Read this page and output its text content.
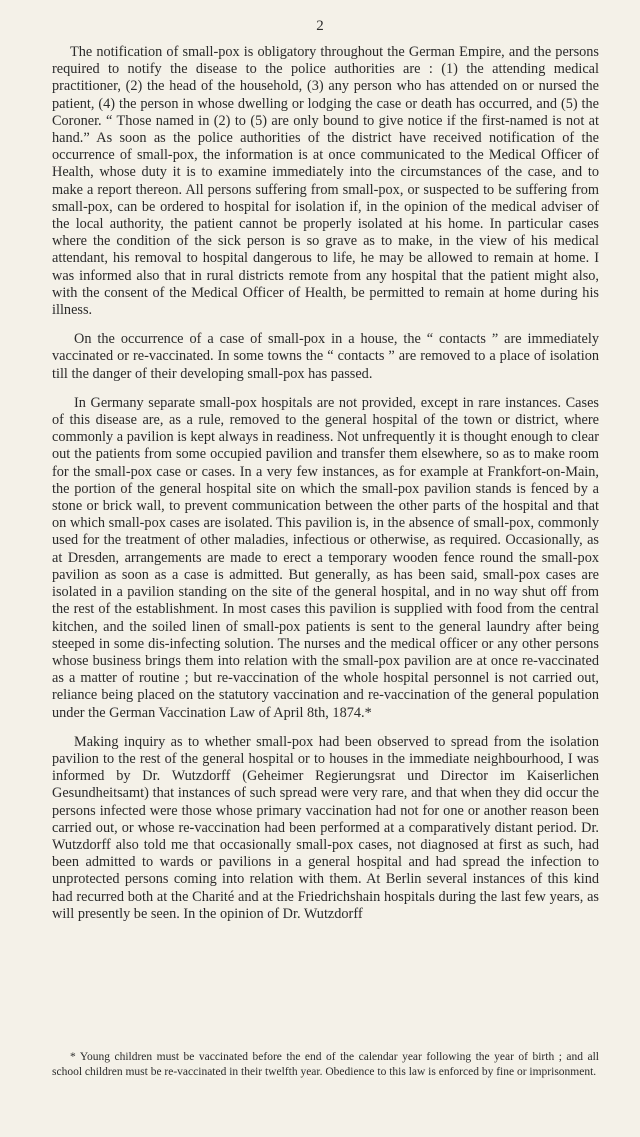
2

The notification of small-pox is obligatory throughout the German Empire, and the persons required to notify the disease to the police authorities are : (1) the attending medical practitioner, (2) the head of the household, (3) any person who has attended on or nursed the patient, (4) the person in whose dwelling or lodging the case or death has occurred, and (5) the Coroner. “ Those named in (2) to (5) are only bound to give notice if the first-named is not at hand.” As soon as the police authorities of the district have received notification of the occurrence of small-pox, the information is at once communicated to the Medical Officer of Health, whose duty it is to examine immediately into the circumstances of the case, and to make a report thereon. All persons suffering from small-pox, or suspected to be suffering from small-pox, can be ordered to hospital for isolation if, in the opinion of the medical adviser of the local authority, the patient cannot be properly isolated at his home. In particular cases where the condition of the sick person is so grave as to make, in the view of his medical attendant, his removal to hospital dangerous to life, he may be allowed to remain at home. I was informed also that in rural districts remote from any hospital that the patient might also, with the consent of the Medical Officer of Health, be permitted to remain at home during his illness.

On the occurrence of a case of small-pox in a house, the “ contacts ” are immediately vaccinated or re-vaccinated. In some towns the “ contacts ” are removed to a place of isolation till the danger of their developing small-pox has passed.

In Germany separate small-pox hospitals are not provided, except in rare instances. Cases of this disease are, as a rule, removed to the general hospital of the town or district, where commonly a pavilion is kept always in readiness. Not unfrequently it is thought enough to clear out the patients from some occupied pavilion and transfer them elsewhere, so as to make room for the small-pox case or cases. In a very few instances, as for example at Frankfort-on-Main, the portion of the general hospital site on which the small-pox pavilion stands is fenced by a stone or brick wall, to prevent communication between the other parts of the hospital and that on which small-pox cases are isolated. This pavilion is, in the absence of small-pox, commonly used for the treatment of other maladies, infectious or otherwise, as required. Occasionally, as at Dresden, arrangements are made to erect a temporary wooden fence round the small-pox pavilion as soon as a case is admitted. But generally, as has been said, small-pox cases are isolated in a pavilion standing on the site of the general hospital, and in no way shut off from the rest of the establishment. In most cases this pavilion is supplied with food from the central kitchen, and the soiled linen of small-pox patients is sent to the general laundry after being steeped in some dis-infecting solution. The nurses and the medical officer or any other persons whose business brings them into relation with the small-pox pavilion are at once re-vaccinated as a matter of routine ; but re-vaccination of the whole hospital personnel is not carried out, reliance being placed on the statutory vaccination and re-vaccination of the general population under the German Vaccination Law of April 8th, 1874.*

Making inquiry as to whether small-pox had been observed to spread from the isolation pavilion to the rest of the general hospital or to houses in the immediate neighbourhood, I was informed by Dr. Wutzdorff (Geheimer Regierungsrat und Director im Kaiserlichen Gesundheitsamt) that instances of such spread were very rare, and that when they did occur the persons infected were those whose primary vaccination had not for one or another reason been carried out, or whose re-vaccination had been performed at a comparatively distant period. Dr. Wutzdorff also told me that occasionally small-pox cases, not diagnosed at first as such, had been admitted to wards or pavilions in a general hospital and had spread the infection to unprotected persons coming into relation with them. At Berlin several instances of this kind had recurred both at the Charité and at the Friedrichshain hospitals during the last few years, as will presently be seen. In the opinion of Dr. Wutzdorff

* Young children must be vaccinated before the end of the calendar year following the year of birth ; and all school children must be re-vaccinated in their twelfth year. Obedience to this law is enforced by fine or imprisonment.
